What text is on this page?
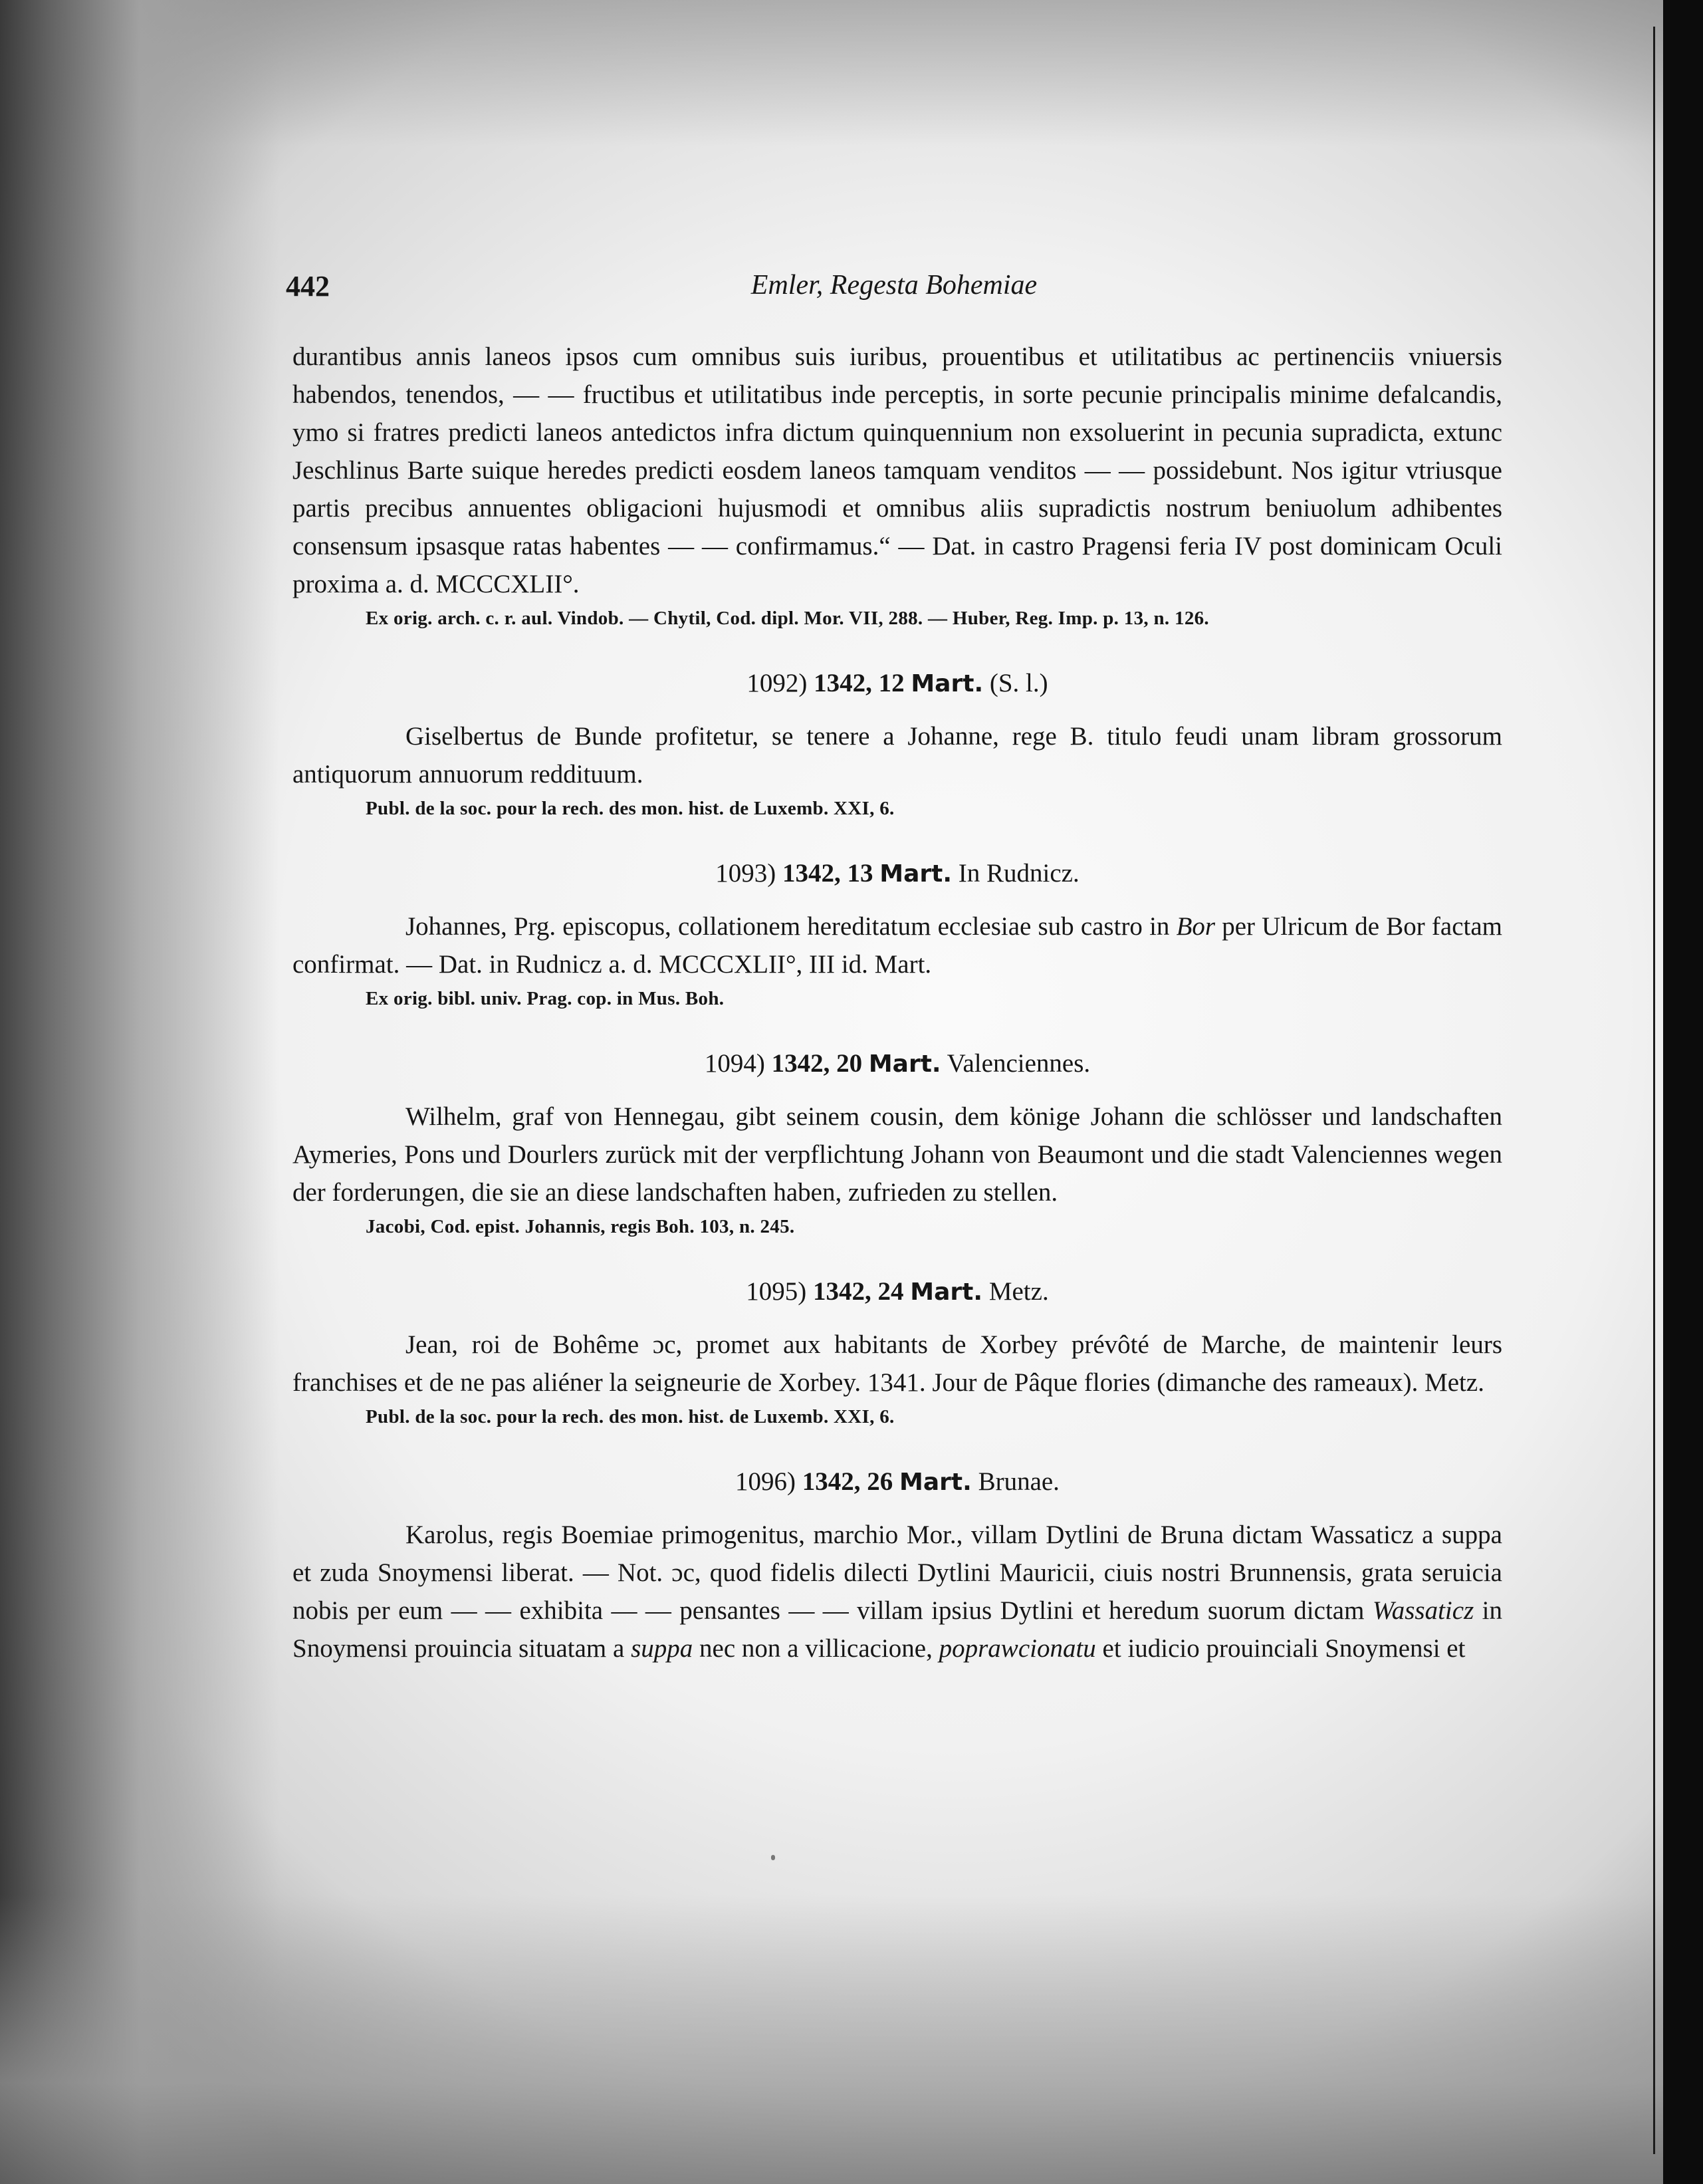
442	Emler, Regesta Bohemiae

durantibus annis laneos ipsos cum omnibus suis iuribus, prouentibus et utilitatibus ac pertinenciis vniuersis habendos, tenendos, — — fructibus et utilitatibus inde perceptis, in sorte pecunie principalis minime defalcandis, ymo si fratres predicti laneos antedictos infra dictum quinquennium non exsoluerint in pecunia supradicta, extunc Jeschlinus Barte suique heredes predicti eosdem laneos tamquam venditos — — possidebunt. Nos igitur vtriusque partis precibus annuentes obligacioni hujusmodi et omnibus aliis supradictis nostrum beniuolum adhibentes consensum ipsasque ratas habentes — — confirmamus.“ — Dat. in castro Pragensi feria IV post dominicam Oculi proxima a. d. MCCCXLII°.

Ex orig. arch. c. r. aul. Vindob. — Chytil, Cod. dipl. Mor. VII, 288. — Huber, Reg. Imp. p. 13, n. 126.

1092) 1342, 12 Mart. (S. l.)

Giselbertus de Bunde profitetur, se tenere a Johanne, rege B. titulo feudi unam libram grossorum antiquorum annuorum reddituum.

Publ. de la soc. pour la rech. des mon. hist. de Luxemb. XXI, 6.

1093) 1342, 13 Mart. In Rudnicz.

Johannes, Prg. episcopus, collationem hereditatum ecclesiae sub castro in Bor per Ulricum de Bor factam confirmat. — Dat. in Rudnicz a. d. MCCCXLII°, III id. Mart.

Ex orig. bibl. univ. Prag. cop. in Mus. Boh.

1094) 1342, 20 Mart. Valenciennes.

Wilhelm, graf von Hennegau, gibt seinem cousin, dem könige Johann die schlösser und landschaften Aymeries, Pons und Dourlers zurück mit der verpflichtung Johann von Beaumont und die stadt Valenciennes wegen der forderungen, die sie an diese landschaften haben, zufrieden zu stellen.

Jacobi, Cod. epist. Johannis, regis Boh. 103, n. 245.

1095) 1342, 24 Mart. Metz.

Jean, roi de Bohême ɔc, promet aux habitants de Xorbey prévôté de Marche, de maintenir leurs franchises et de ne pas aliéner la seigneurie de Xorbey. 1341. Jour de Pâque flories (dimanche des rameaux). Metz.

Publ. de la soc. pour la rech. des mon. hist. de Luxemb. XXI, 6.

1096) 1342, 26 Mart. Brunae.

Karolus, regis Boemiae primogenitus, marchio Mor., villam Dytlini de Bruna dictam Wassaticz a suppa et zuda Snoymensi liberat. — Not. ɔc, quod fidelis dilecti Dytlini Mauricii, ciuis nostri Brunnensis, grata seruicia nobis per eum — — exhibita — — pensantes — — villam ipsius Dytlini et heredum suorum dictam Wassaticz in Snoymensi prouincia situatam a suppa nec non a villicacione, poprawcionatu et iudicio prouinciali Snoymensi et
